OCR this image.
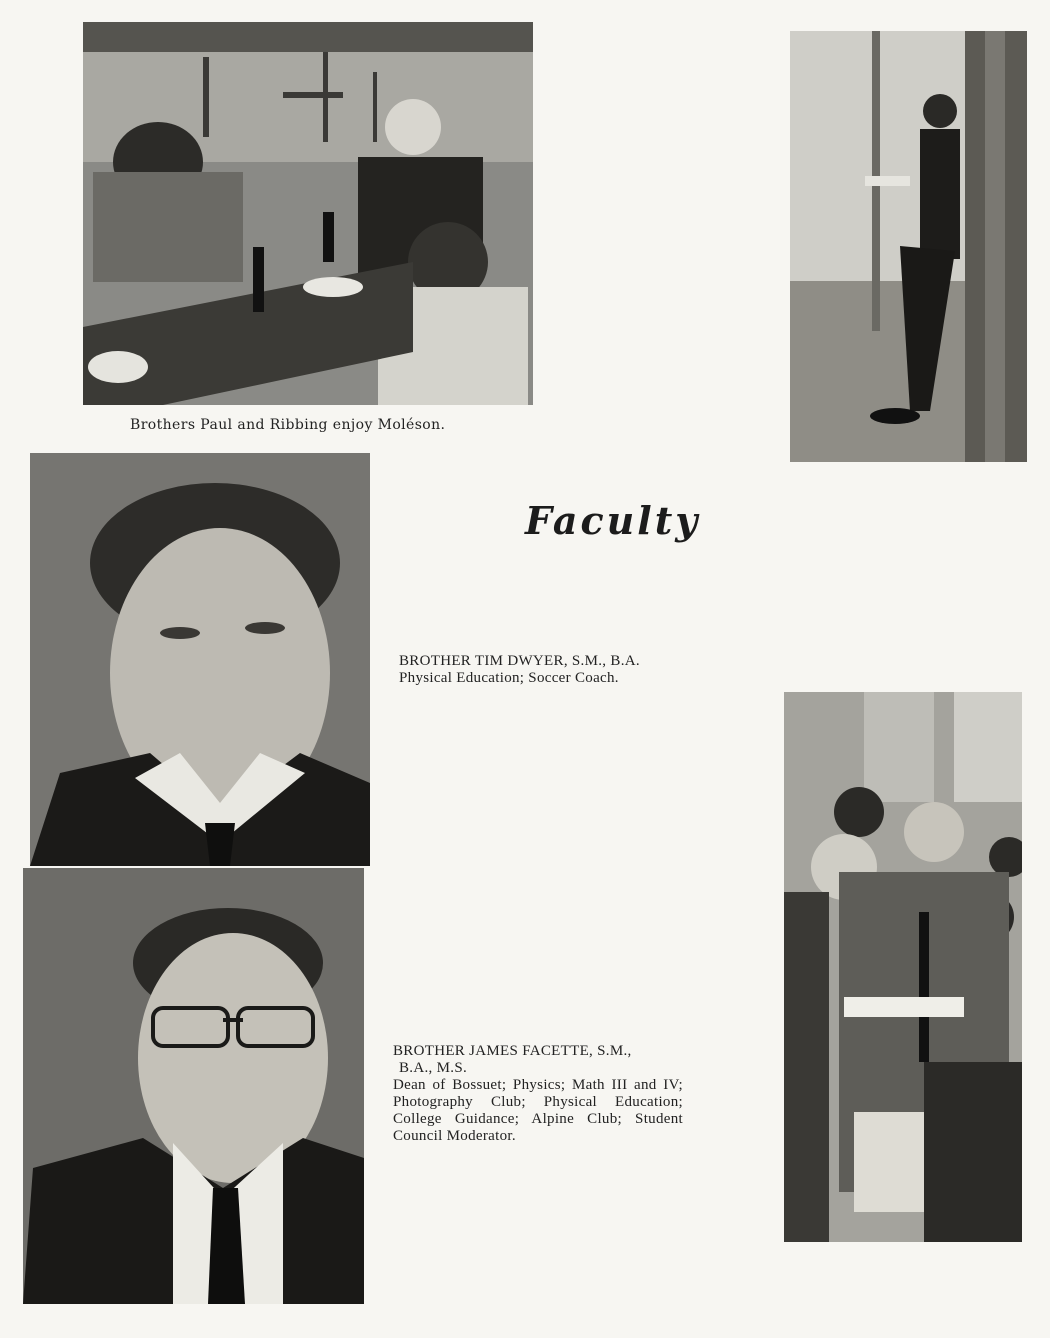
Brothers Paul and Ribbing enjoy Moléson.
Faculty
BROTHER TIM DWYER, S.M., B.A.
Physical Education; Soccer Coach.
BROTHER JAMES FACETTE, S.M.,
B.A., M.S.
Dean of Bossuet; Physics; Math III and IV; Photography Club; Physical Education; College Guidance; Alpine Club; Student Council Moderator.
